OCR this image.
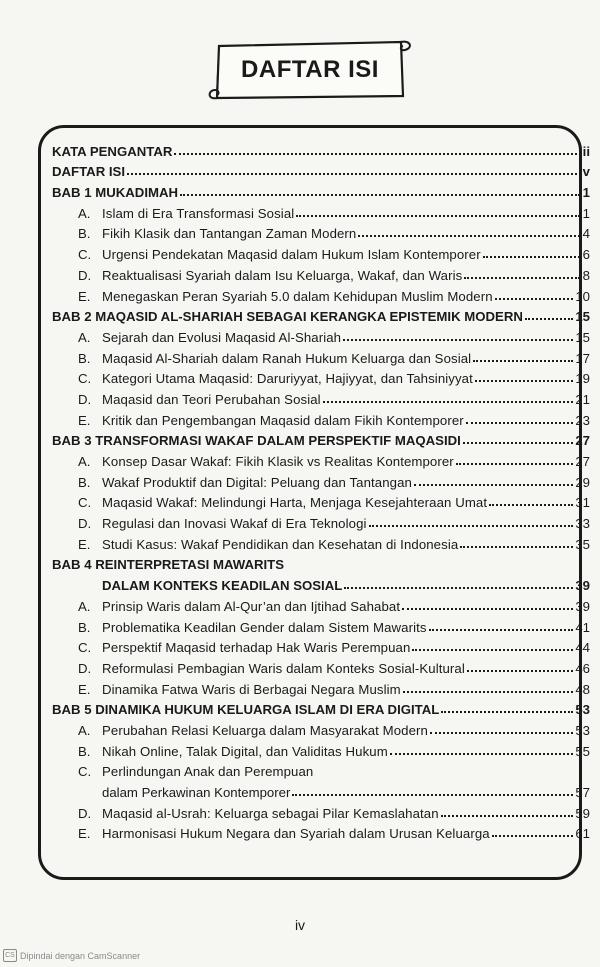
DAFTAR ISI
KATA PENGANTAR	iii
DAFTAR ISI	iv
BAB 1 MUKADIMAH	1
A. Islam di Era Transformasi Sosial	1
B. Fikih Klasik dan Tantangan Zaman Modern	4
C. Urgensi Pendekatan Maqasid dalam Hukum Islam Kontemporer	6
D. Reaktualisasi Syariah dalam Isu Keluarga, Wakaf, dan Waris	8
E. Menegaskan Peran Syariah 5.0 dalam Kehidupan Muslim Modern	10
BAB 2 MAQASID AL-SHARIAH SEBAGAI KERANGKA EPISTEMIK MODERN	15
A. Sejarah dan Evolusi Maqasid Al-Shariah	15
B. Maqasid Al-Shariah dalam Ranah Hukum Keluarga dan Sosial	17
C. Kategori Utama Maqasid: Daruriyyat, Hajiyyat, dan Tahsiniyyat	19
D. Maqasid dan Teori Perubahan Sosial	21
E. Kritik dan Pengembangan Maqasid dalam Fikih Kontemporer	23
BAB 3 TRANSFORMASI WAKAF DALAM PERSPEKTIF MAQASIDI	27
A. Konsep Dasar Wakaf: Fikih Klasik vs Realitas Kontemporer	27
B. Wakaf Produktif dan Digital: Peluang dan Tantangan	29
C. Maqasid Wakaf: Melindungi Harta, Menjaga Kesejahteraan Umat	31
D. Regulasi dan Inovasi Wakaf di Era Teknologi	33
E. Studi Kasus: Wakaf Pendidikan dan Kesehatan di Indonesia	35
BAB 4 REINTERPRETASI MAWARITS
DALAM KONTEKS KEADILAN SOSIAL	39
A. Prinsip Waris dalam Al-Qur’an dan Ijtihad Sahabat	39
B. Problematika Keadilan Gender dalam Sistem Mawarits	41
C. Perspektif Maqasid terhadap Hak Waris Perempuan	44
D. Reformulasi Pembagian Waris dalam Konteks Sosial-Kultural	46
E. Dinamika Fatwa Waris di Berbagai Negara Muslim	48
BAB 5 DINAMIKA HUKUM KELUARGA ISLAM DI ERA DIGITAL	53
A. Perubahan Relasi Keluarga dalam Masyarakat Modern	53
B. Nikah Online, Talak Digital, dan Validitas Hukum	55
C. Perlindungan Anak dan Perempuan
dalam Perkawinan Kontemporer	57
D. Maqasid al-Usrah: Keluarga sebagai Pilar Kemaslahatan	59
E. Harmonisasi Hukum Negara dan Syariah dalam Urusan Keluarga	61
iv
CS Dipindai dengan CamScanner
